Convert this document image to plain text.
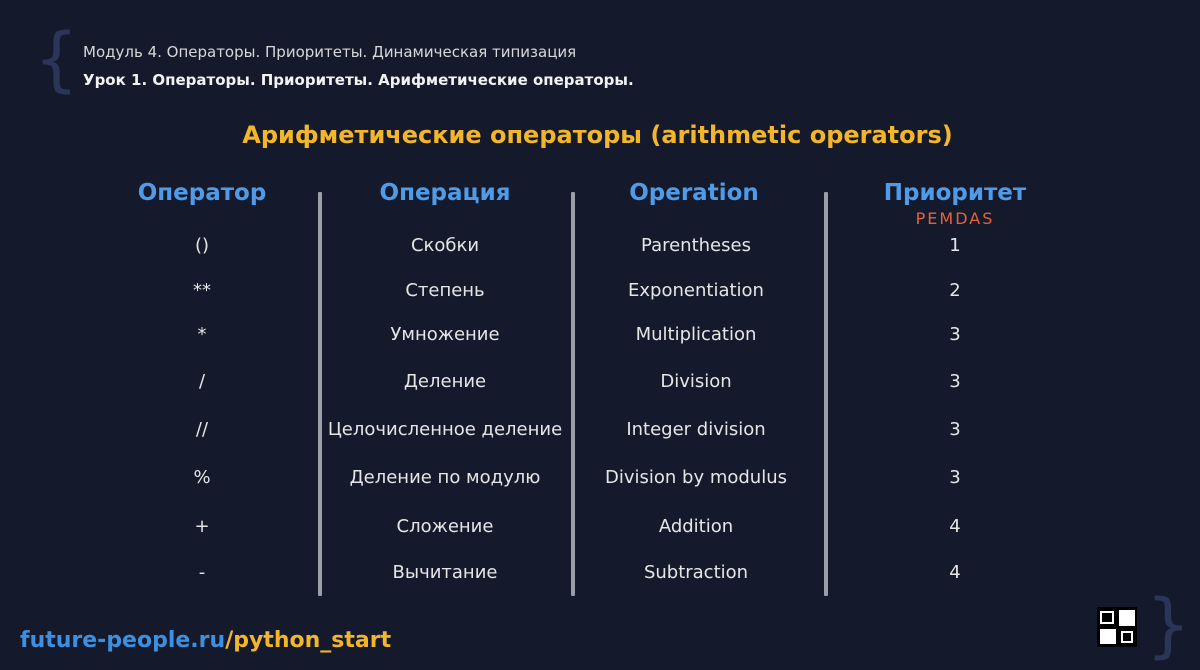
{
}
Модуль 4. Операторы. Приоритеты. Динамическая типизация
Урок 1. Операторы. Приоритеты. Арифметические операторы.
Арифметические операторы (arithmetic operators)
Оператор	Операция	Operation	Приоритет
PEMDAS
()	Скобки	Parentheses	1
**	Степень	Exponentiation	2
*	Умножение	Multiplication	3
/	Деление	Division	3
//	Целочисленное деление	Integer division	3
%	Деление по модулю	Division by modulus	3
+	Сложение	Addition	4
-	Вычитание	Subtraction	4
future-people.ru/python_start
